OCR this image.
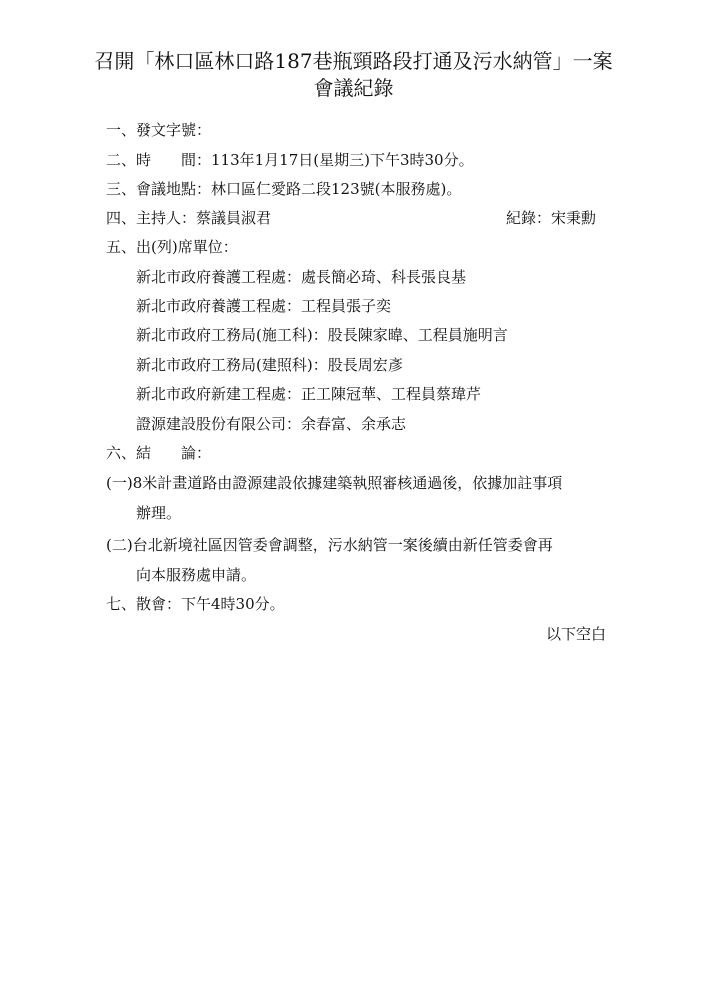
召開「林口區林口路187巷瓶頸路段打通及污水納管」一案
會議紀錄
一、發文字號：
二、時　　間：113年1月17日(星期三)下午3時30分。
三、會議地點：林口區仁愛路二段123號(本服務處)。
四、主持人：蔡議員淑君	紀錄：宋秉勳
五、出(列)席單位：
新北市政府養護工程處：處長簡必琦、科長張良基
新北市政府養護工程處：工程員張子奕
新北市政府工務局(施工科)：股長陳家暐、工程員施明言
新北市政府工務局(建照科)：股長周宏彥
新北市政府新建工程處：正工陳冠華、工程員蔡瑋芹
證源建設股份有限公司：余春富、余承志
六、結　　論：
(一)8米計畫道路由證源建設依據建築執照審核通過後，依據加註事項
辦理。
(二)台北新境社區因管委會調整，污水納管一案後續由新任管委會再
向本服務處申請。
七、散會：下午4時30分。
以下空白
